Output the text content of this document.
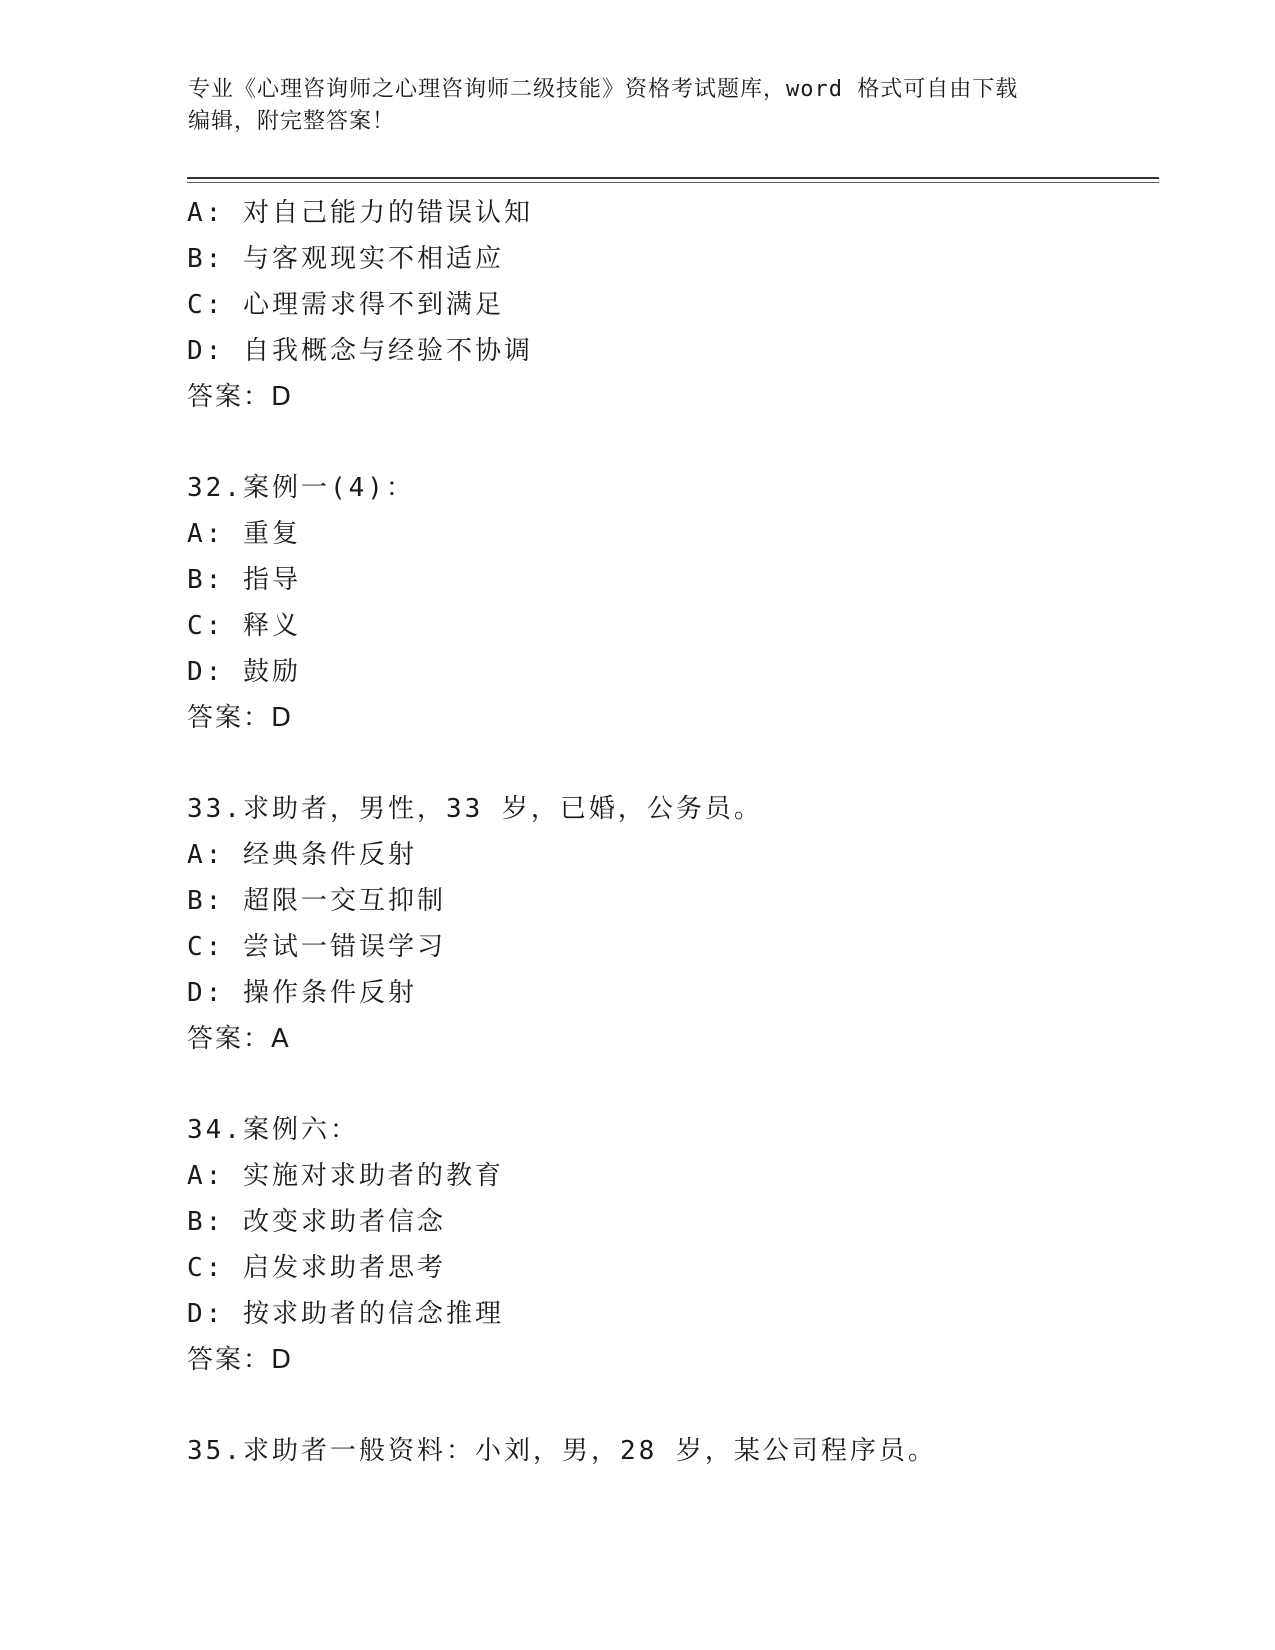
专业《心理咨询师之心理咨询师二级技能》资格考试题库，word 格式可自由下载
编辑，附完整答案！
A: 对自己能力的错误认知
B: 与客观现实不相适应
C: 心理需求得不到满足
D: 自我概念与经验不协调
答案：D
32.案例一(4)：
A: 重复
B: 指导
C: 释义
D: 鼓励
答案：D
33.求助者，男性，33 岁，已婚，公务员。
A: 经典条件反射
B: 超限一交互抑制
C: 尝试一错误学习
D: 操作条件反射
答案：A
34.案例六：
A: 实施对求助者的教育
B: 改变求助者信念
C: 启发求助者思考
D: 按求助者的信念推理
答案：D
35.求助者一般资料：小刘，男，28 岁，某公司程序员。
